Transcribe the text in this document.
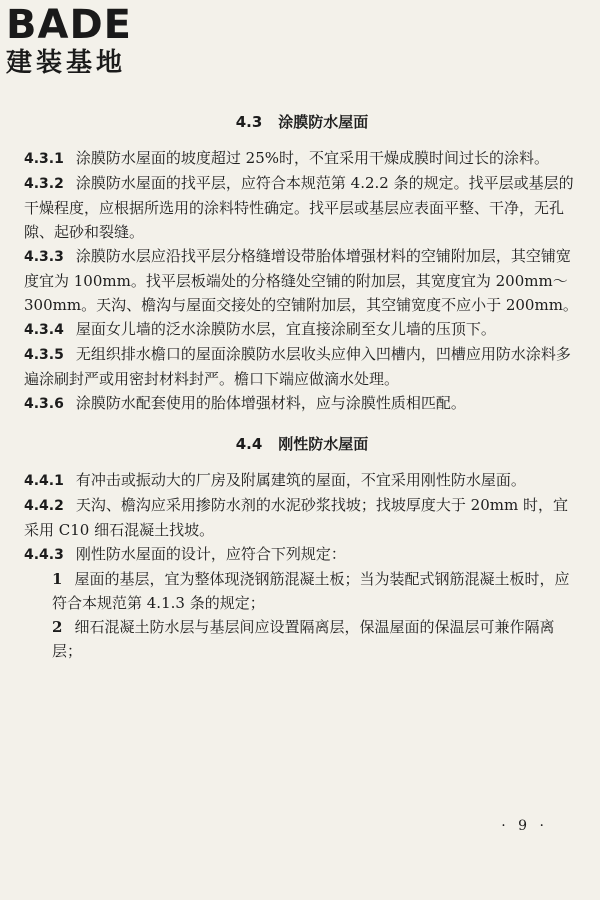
BADE
建装基地
4.3 涂膜防水屋面

4.3.1 涂膜防水屋面的坡度超过 25%时，不宜采用干燥成膜时间过长的涂料。

4.3.2 涂膜防水屋面的找平层，应符合本规范第 4.2.2 条的规定。找平层或基层的干燥程度，应根据所选用的涂料特性确定。找平层或基层应表面平整、干净，无孔隙、起砂和裂缝。

4.3.3 涂膜防水层应沿找平层分格缝增设带胎体增强材料的空铺附加层，其空铺宽度宜为 100mm。找平层板端处的分格缝处空铺的附加层，其宽度宜为 200mm～300mm。天沟、檐沟与屋面交接处的空铺附加层，其空铺宽度不应小于 200mm。

4.3.4 屋面女儿墙的泛水涂膜防水层，宜直接涂刷至女儿墙的压顶下。

4.3.5 无组织排水檐口的屋面涂膜防水层收头应伸入凹槽内，凹槽应用防水涂料多遍涂刷封严或用密封材料封严。檐口下端应做滴水处理。

4.3.6 涂膜防水配套使用的胎体增强材料，应与涂膜性质相匹配。

4.4 刚性防水屋面

4.4.1 有冲击或振动大的厂房及附属建筑的屋面，不宜采用刚性防水屋面。

4.4.2 天沟、檐沟应采用掺防水剂的水泥砂浆找坡；找坡厚度大于 20mm 时，宜采用 C10 细石混凝土找坡。

4.4.3 刚性防水屋面的设计，应符合下列规定：

1 屋面的基层，宜为整体现浇钢筋混凝土板；当为装配式钢筋混凝土板时，应符合本规范第 4.1.3 条的规定；

2 细石混凝土防水层与基层间应设置隔离层，保温屋面的保温层可兼作隔离层；

· 9 ·
